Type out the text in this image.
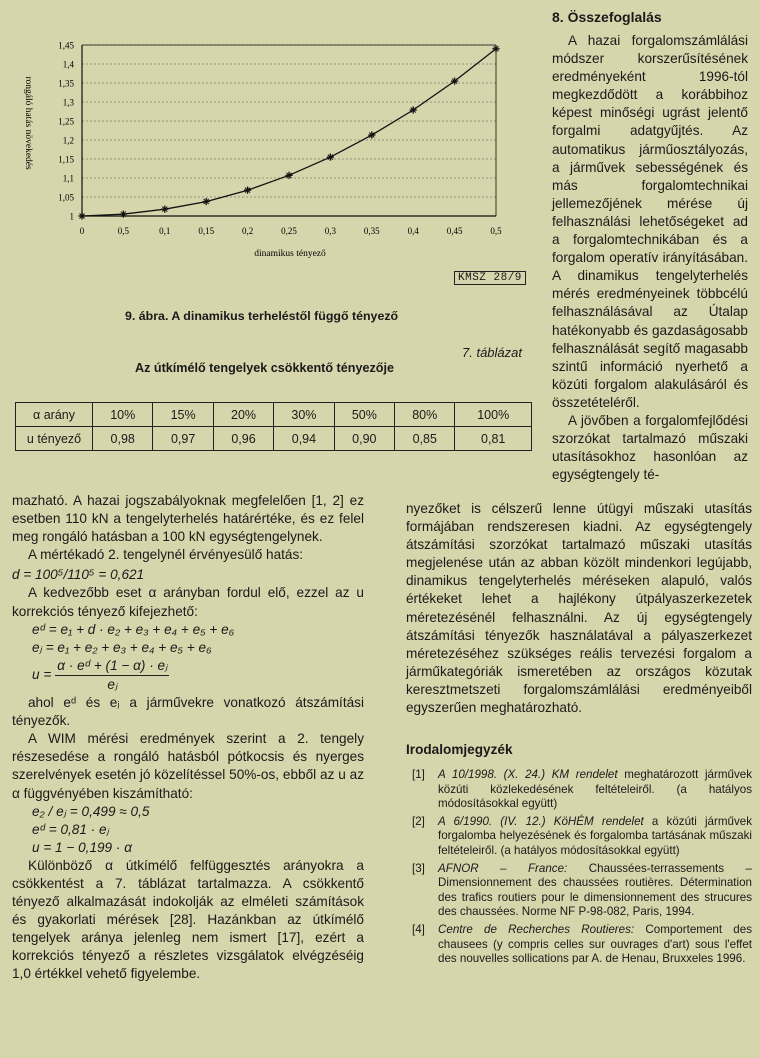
rongáló hatás növekedés
dinamikus tényező
1,45
1,4
1,35
1,3
1,25
1,2
1,15
1,1
1,05
1
0	0,5	0,1	0,15	0,2	0,25	0,3	0,35	0,4	0,45	0,5
KMSZ 28/9
9. ábra. A dinamikus terheléstől függő tényező
7. táblázat
Az útkímélő tengelyek csökkentő tényezője
α arány	10%	15%	20%	30%	50%	80%	100%
u tényező	0,98	0,97	0,96	0,94	0,90	0,85	0,81

mazható. A hazai jogszabályoknak megfelelően [1, 2] ez esetben 110 kN a tengelyterhelés határértéke, és ez felel meg rongáló hatásban a 100 kN egységtengelynek.

A mértékadó 2. tengelynél érvényesülő hatás:

d = 100⁵/110⁵ = 0,621

A kedvezőbb eset α arányban fordul elő, ezzel az u korrekciós tényező kifejezhető:

eᵈ = e₁ + d · e₂ + e₃ + e₄ + e₅ + e₆

eⱼ = e₁ + e₂ + e₃ + e₄ + e₅ + e₆

$u = \frac{\text{α · eᵈ + (1 − α) · eⱼ}}{\text{eⱼ}}$

ahol eᵈ és eⱼ a járművekre vonatkozó átszámítási tényezők.

A WIM mérési eredmények szerint a 2. tengely részesedése a rongáló hatásból pótkocsis és nyerges szerelvények esetén jó közelítéssel 50%-os, ebből az u az α függvényében kiszámítható:

e₂ / eⱼ = 0,499 ≈ 0,5

eᵈ = 0,81 · eⱼ

u = 1 − 0,199 · α

Különböző α útkímélő felfüggesztés arányokra a csökkentést a 7. táblázat tartalmazza. A csökkentő tényező alkalmazását indokolják az elméleti számítások és gyakorlati mérések [28]. Hazánkban az útkímélő tengelyek aránya jelenleg nem ismert [17], ezért a korrekciós tényező a részletes vizsgálatok elvégzéséig 1,0 értékkel vehető figyelembe.

8. Összefoglalás

A hazai forgalomszámlálási módszer korszerűsítésének eredményeként 1996-tól megkezdődött a korábbihoz képest minőségi ugrást jelentő forgalmi adatgyűjtés. Az automatikus járműosztályozás, a járművek sebességének és más forgalomtechnikai jellemezőjének mérése új felhasználási lehetőségeket ad a forgalomtechnikában és a forgalom operatív irányításában. A dinamikus tengelyterhelés mérés eredményeinek többcélú felhasználásával az Útalap hatékonyabb és gazdaságosabb felhasználását segítő magasabb szintű információ nyerhető a közúti forgalom alakulásáról és összetételéről.

A jövőben a forgalomfejlődési szorzókat tartalmazó műszaki utasításokhoz hasonlóan az egységtengely té-

nyezőket is célszerű lenne útügyi műszaki utasítás formájában rendszeresen kiadni. Az egységtengely átszámítási szorzókat tartalmazó műszaki utasítás megjelenése után az abban közölt mindenkori legújabb, dinamikus tengelyterhelés méréseken alapuló, valós értékeket lehet a hajlékony útpályaszerkezetek méretezésénél felhasználni. Az új egységtengely átszámítási tényezők használatával a pályaszerkezet méretezéséhez szükséges reális tervezési forgalom a járműkategóriák ismeretében az országos közutak keresztmetszeti forgalomszámlálási eredményeiből egyszerűen meghatározható.

Irodalomjegyzék
[1]	A 10/1998. (X. 24.) KM rendelet meghatározott járművek közúti közlekedésének feltételeiről. (a hatályos módosításokkal együtt)
[2]	A 6/1990. (IV. 12.) KöHÉM rendelet a közúti járművek forgalomba helyezésének és forgalomba tartásának műszaki feltételeiről. (a hatályos módosításokkal együtt)
[3]	AFNOR – France: Chaussées-terrassements – Dimensionnement des chaussées routières. Détermination des trafics routiers pour le dimensionnement des strucures des chaussées. Norme NF P-98-082, Paris, 1994.
[4]	Centre de Recherches Routieres: Comportement des chausees (y compris celles sur ouvrages d'art) sous l'effet des nouvelles sollications par A. de Henau, Bruxxeles 1996.
